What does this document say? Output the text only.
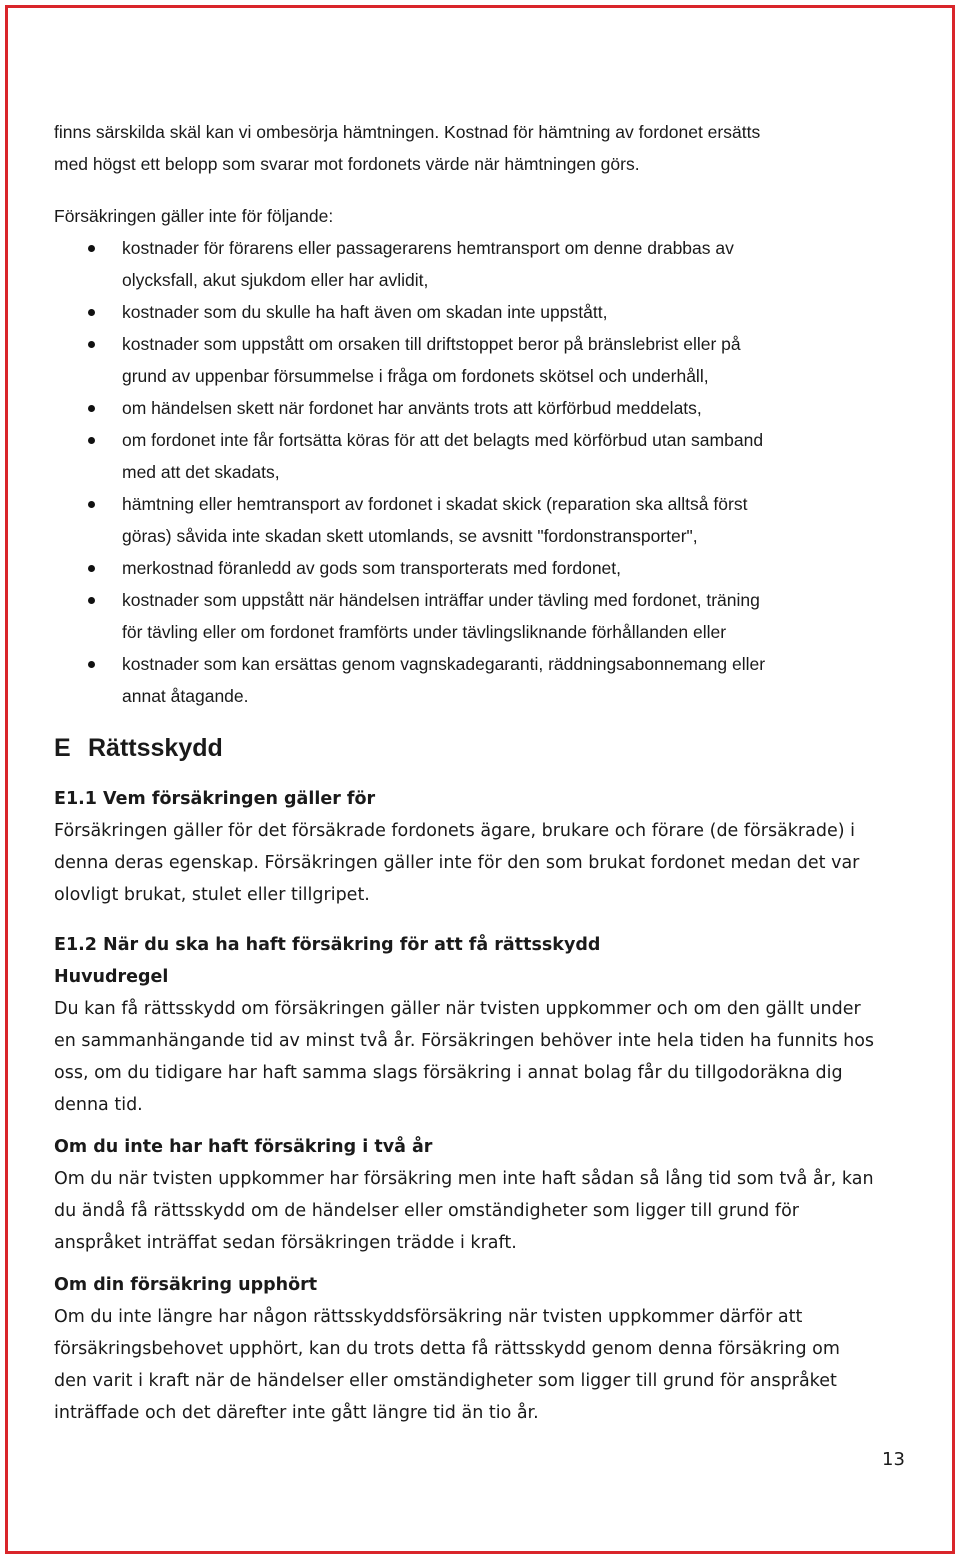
finns särskilda skäl kan vi ombesörja hämtningen. Kostnad för hämtning av fordonet ersätts
med högst ett belopp som svarar mot fordonets värde när hämtningen görs.

Försäkringen gäller inte för följande:

kostnader för förarens eller passagerarens hemtransport om denne drabbas av
olycksfall, akut sjukdom eller har avlidit,
kostnader som du skulle ha haft även om skadan inte uppstått,
kostnader som uppstått om orsaken till driftstoppet beror på bränslebrist eller på
grund av uppenbar försummelse i fråga om fordonets skötsel och underhåll,
om händelsen skett när fordonet har använts trots att körförbud meddelats,
om fordonet inte får fortsätta köras för att det belagts med körförbud utan samband
med att det skadats,
hämtning eller hemtransport av fordonet i skadat skick (reparation ska alltså först
göras) såvida inte skadan skett utomlands, se avsnitt "fordonstransporter",
merkostnad föranledd av gods som transporterats med fordonet,
kostnader som uppstått när händelsen inträffar under tävling med fordonet, träning
för tävling eller om fordonet framförts under tävlingsliknande förhållanden eller
kostnader som kan ersättas genom vagnskadegaranti, räddningsabonnemang eller
annat åtagande.
E Rättsskydd

E1.1 Vem försäkringen gäller för

Försäkringen gäller för det försäkrade fordonets ägare, brukare och förare (de försäkrade) i
denna deras egenskap. Försäkringen gäller inte för den som brukat fordonet medan det var
olovligt brukat, stulet eller tillgripet.

E1.2 När du ska ha haft försäkring för att få rättsskydd

Huvudregel

Du kan få rättsskydd om försäkringen gäller när tvisten uppkommer och om den gällt under
en sammanhängande tid av minst två år. Försäkringen behöver inte hela tiden ha funnits hos
oss, om du tidigare har haft samma slags försäkring i annat bolag får du tillgodoräkna dig
denna tid.

Om du inte har haft försäkring i två år

Om du när tvisten uppkommer har försäkring men inte haft sådan så lång tid som två år, kan
du ändå få rättsskydd om de händelser eller omständigheter som ligger till grund för
anspråket inträffat sedan försäkringen trädde i kraft.

Om din försäkring upphört

Om du inte längre har någon rättsskyddsförsäkring när tvisten uppkommer därför att
försäkringsbehovet upphört, kan du trots detta få rättsskydd genom denna försäkring om
den varit i kraft när de händelser eller omständigheter som ligger till grund för anspråket
inträffade och det därefter inte gått längre tid än tio år.

13
